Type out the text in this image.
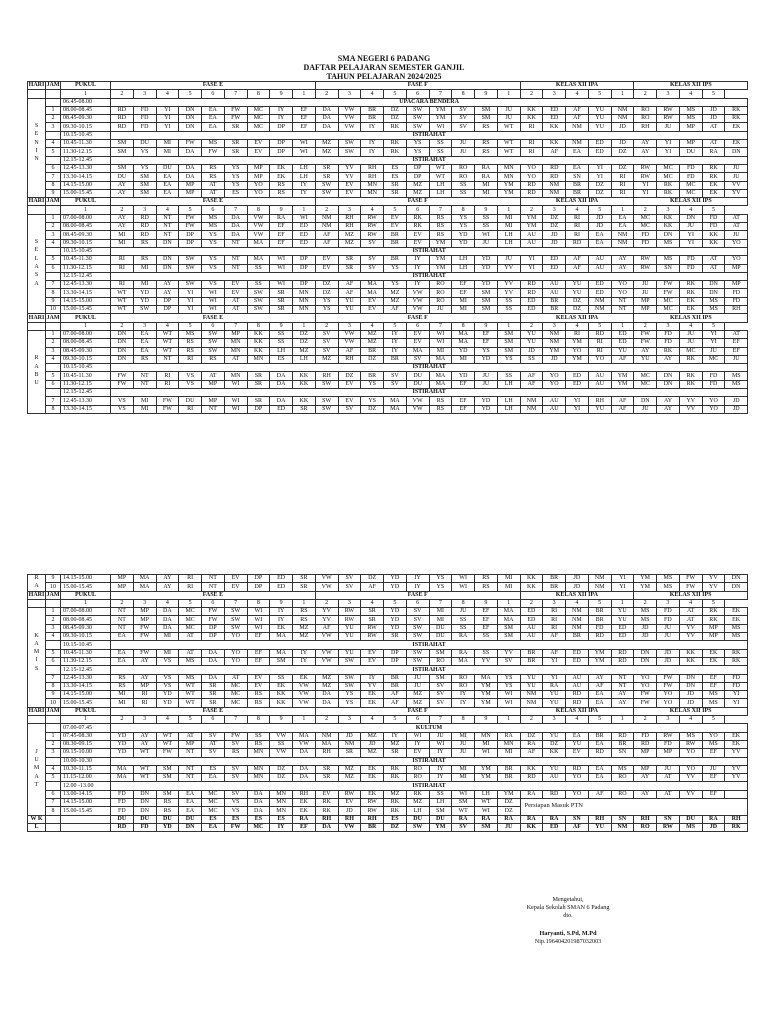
SMA NEGERI 6 PADANG
DAFTAR PELAJARAN SEMESTER GANJIL
TAHUN PELAJARAN 2024/2025
HARI	JAM	PUKUL	FASE E									FASE F									KELAS XII IPA					KELAS XII IPS					
		1	2	3	4	5	6	7	8	9	1	2	3	4	5	6	7	8	9	1	2	3	4	5	1	2	3	4	5		
		06.45-08.00	UPACARA BENDERA																												
	1	08.00-08.45	RD	FD	YI	DN	EA	FW	MC	IY	EF	DA	VW	BR	DZ	SW	YM	SV	SM	JU	KK	ED	AF	YU	NM	RO	RW	MS	JD	RK	
	2	08.45-09.30	RD	FD	YI	DN	EA	FW	MC	IY	EF	DA	VW	BR	DZ	SW	YM	SV	SM	JU	KK	ED	AF	YU	NM	RO	RW	MS	JD	RK	
S	3	09.30-10.15	RD	FD	YI	DN	EA	SR	MC	DP	EF	DA	VW	IY	RK	SW	WI	SV	RS	WT	RI	KK	NM	YU	JD	RH	JU	MP	AT	EK	
E		10.15-10.45	ISTIRAHAT																												
N	4	10.45-11.30	SM	DU	MI	FW	MS	SR	EV	DP	WI	MZ	SW	IY	RK	YS	SS	JU	RS	WT	RI	KK	NM	ED	JD	AY	YI	MP	AT	EK	
I	5	11.30-12.15	SM	VS	MI	DA	FW	SR	EV	DP	WI	MZ	SW	IY	RK	YS	SS	JU	RS	WT	RI	AF	EA	ED	DZ	AY	YI	DU	RA	DN	
N		12.15-12.45	ISTIRAHAT																												
	6	12.45-13.30	SM	VS	DU	DA	RS	YS	MP	EK	LH	SR	YV	RH	ES	DP	WT	RO	RA	MN	YO	RD	EA	YI	DZ	RW	MC	FD	RK	JU	
	7	13.30-14.15	DU	SM	EA	DA	RS	YS	MP	EK	LH	SR	YV	RH	ES	DP	WT	RO	RA	MN	YO	RD	SN	YI	RI	RW	MC	FD	RK	JU	
	8	14.15-15.00	AY	SM	EA	MP	AT	YS	YO	RS	IY	SW	EV	MN	SR	MZ	LH	SS	MI	YM	RD	NM	BR	DZ	RI	YI	RK	MC	EK	VV	
	9	15.00-15.45	AY	SM	EA	MP	AT	ES	YO	RS	IY	SW	EV	MN	SR	MZ	LH	SS	MI	YM	RD	NM	BR	DZ	RI	YI	RK	MC	EK	YV	
HARI	JAM	PUKUL	FASE E									FASE F									KELAS XII IPA					KELAS XII IPS					
		1	2	3	4	5	6	7	8	9	1	2	3	4	5	6	7	8	9	1	2	3	4	5	1	2	3	4	5		
	1	07.00-08.00	AY	RD	NT	FW	MS	DA	VW	RA	WI	NM	RH	RW	EV	RK	RS	YS	SS	MI	YM	DZ	RI	JD	EA	MC	KK	DN	FD	AT	
	2	08.00-08.45	AY	RD	NT	FW	MS	DA	VW	EF	ED	NM	RH	RW	EV	RK	RS	YS	SS	MI	YM	DZ	RI	JD	EA	MC	KK	JU	FD	AT	
	3	08.45-09.30	MI	RD	NT	DP	YS	DA	VW	EF	ED	AF	MZ	RW	BR	EV	RS	YD	WI	LH	AU	JD	RI	EA	NM	FD	DN	YI	KK	JU	
S	4	09.30-10.15	MI	RS	DN	DP	YS	NT	MA	EF	ED	AF	MZ	SV	BR	EV	YM	YD	JU	LH	AU	JD	RD	EA	NM	FD	MS	YI	KK	YO	
E		10.15-10.45	ISTIRAHAT																												
L	5	10.45-11.30	RI	RS	DN	SW	YS	NT	MA	WI	DP	EV	SR	SV	BR	IY	YM	LH	YD	JU	YI	ED	AF	AU	AY	RW	MS	FD	AT	YO	
A	6	11.30-12.15	RI	MI	DN	SW	VS	NT	SS	WI	DP	EV	SR	SV	YS	IY	YM	LH	YD	YV	YI	ED	AF	AU	AY	RW	SN	FD	AT	MP	
S		12.15-12.45	ISTIRAHAT																												
A	7	12.45-13.30	RI	MI	AY	SW	VS	EV	SS	WI	DP	DZ	AF	MA	YS	IY	RO	EF	YD	YV	RD	AU	YU	ED	YO	JU	FW	RK	DN	MP	
	8	13.30-14.15	WT	YD	AY	YI	WI	EV	SW	SR	MN	DZ	AF	MA	MZ	VW	RO	EF	SM	YV	RD	AU	YU	ED	YO	JU	FW	RK	DN	FD	
	9	14.15-15.00	WT	YD	DP	YI	WI	AT	SW	SR	MN	YS	YU	EV	MZ	VW	RO	MI	SM	SS	ED	BR	DZ	NM	NT	MP	MC	EK	MS	FD	
	10	15.00-15.45	WT	SW	DP	YI	WI	AT	SW	SR	MN	YS	YU	EV	AF	VW	JU	MI	SM	SS	ED	BR	DZ	NM	NT	MP	MC	EK	MS	RH	
HARI	JAM	PUKUL	FASE E									FASE F									KELAS XII IPA					KELAS XII IPS					
		1	2	3	4	5	6	7	8	9	1	2	3	4	5	6	7	8	9	1	2	3	4	5	1	2	3	4	5		
	1	07.00-08.00	DN	EA	WT	MS	SW	MP	KK	SS	DZ	SV	VW	MZ	IY	EV	WI	MA	EF	SM	YU	NM	RI	RD	ED	FW	FD	JU	YI	AT	
	2	08.00-08.45	DN	EA	WT	RS	SW	MN	KK	SS	DZ	SV	VW	MZ	IY	EV	WI	MA	EF	SM	YU	NM	YM	RI	ED	FW	FD	JU	YI	EF	
	3	08.45-09.30	DN	EA	WT	RS	SW	MN	KK	LH	MZ	SV	AF	BR	IY	MA	MI	YD	YS	SM	JD	YM	YO	RI	YU	AY	RK	MC	JU	EF	
R	4	09.30-10.15	DN	RS	NT	RI	RS	AT	MN	ES	LH	MZ	RH	DZ	BR	SV	MA	MI	YD	YS	SS	JD	YM	YO	AF	YU	AY	RK	MC	JU	
A		10.15-10.45	ISTIRAHAT																												
B	5	10.45-11.30	FW	NT	RI	VS	AT	MN	SR	DA	KK	RH	DZ	BR	SV	DU	MA	YD	JU	SS	AF	YO	ED	AU	YM	MC	DN	RK	FD	MS	
U	6	11.30-12.15	FW	NT	RI	VS	MP	WI	SR	DA	KK	SW	EV	YS	SV	DU	MA	EF	JU	LH	AF	YO	ED	AU	YM	MC	DN	RK	FD	MS	
		12.15-12.45	ISTIRAHAT																												
	7	12.45-13.30	VS	MI	FW	DU	MP	WI	SR	DA	KK	SW	EV	YS	MA	VW	RS	EF	YD	LH	NM	AU	YI	RH	AF	DN	AY	YV	YO	JD	
	8	13.30-14.15	VS	MI	FW	RI	NT	WI	DP	ED	SR	SW	SV	DZ	MA	VW	RS	EF	YD	LH	NM	AU	YI	YU	AF	JU	AY	VV	YO	JD	
R	9	14.15-15.00	MP	MA	AY	RI	NT	EV	DP	ED	SR	VW	SV	DZ	YD	IY	YS	WI	RS	MI	KK	BR	JD	NM	YI	YM	MS	FW	YV	DN
A	10	15.00-15.45	MP	MA	AY	RI	NT	EV	DP	ED	SR	VW	SV	AF	YD	IY	YS	WI	RS	MI	KK	BR	JD	NM	YI	YM	MS	FW	YV	DN
HARI	JAM	PUKUL	FASE E									FASE F									KELAS XII IPA					KELAS XII IPS				
		1	2	3	4	5	6	7	8	9	1	2	3	4	5	6	7	8	9	1	2	3	4	5	1	2	3	4	5	
	1	07.00-08.00	NT	MP	DA	MC	FW	SW	WI	IY	RS	YV	RW	SR	YD	SV	MI	JU	EF	MA	ED	RI	NM	BR	YU	MS	FD	AT	RK	EK
	2	08.00-08.45	NT	MP	DA	MC	FW	SW	WI	IY	RS	YV	RW	SR	YD	SV	MI	SS	EF	MA	ED	RI	NM	BR	YU	MS	FD	AT	RK	EK
	3	08.45-09.30	NT	FW	DA	MC	DP	SW	WI	EK	MZ	AF	YU	RW	YD	SW	DU	SS	EF	SM	AU	RI	NM	FD	ED	JD	JU	YV	MP	MS
K	4	09.30-10.15	EA	FW	MI	AT	DP	YO	EF	MA	MZ	VW	YU	RW	SR	SW	DU	RA	SS	SM	AU	AF	BR	RD	ED	JD	JU	YV	MP	MS
A		10.15-10.45	ISTIRAHAT																											
M	5	10.45-11.30	EA	FW	MI	AT	DA	YO	EF	MA	IY	VW	YU	EV	DP	SW	SM	RA	SS	YV	BR	AF	ED	YM	RD	DN	JD	KK	EK	RK
I	6	11.30-12.15	EA	AY	VS	MS	DA	YO	EF	SM	IY	VW	SW	EV	DP	SW	RO	MA	YV	SV	BR	YI	ED	YM	RD	DN	JD	KK	EK	RK
S		12.15-12.45	ISTIRAHAT																											
	7	12.45-13.30	RS	AY	VS	MS	DA	AT	EV	SS	EK	MZ	SW	IY	BR	JU	SM	RO	MA	YS	YU	YI	AU	AY	NT	YO	FW	DN	EF	FD
	8	13.30-14.15	RS	MP	VS	WT	SR	MC	EV	EK	VW	MZ	SW	YV	BR	JU	SV	RO	YM	YS	YU	RA	AU	AF	NT	YO	FW	DN	EF	FD
	9	14.15-15.00	MI	RI	YD	WT	SR	MC	RS	KK	VW	DA	YS	EK	AF	MZ	SV	IY	YM	WI	NM	YU	RD	EA	AY	FW	YO	JD	MS	YI
	10	15.00-15.45	MI	RI	YD	WT	SR	MC	RS	KK	VW	DA	YS	EK	AF	MZ	SV	IY	YM	WI	NM	YU	RD	EA	AY	FW	YO	JD	MS	YI
HARI	JAM	PUKUL	FASE E									FASE F									KELAS XII IPA					KELAS XII IPS				
		1	2	3	4	5	6	7	8	9	1	2	3	4	5	6	7	8	9	1	2	3	4	5	1	2	3	4	5	
		07.00-07.45	KULTUM																											
	1	07.45-08.30	YD	AY	WT	AT	SV	FW	SS	VW	MA	NM	JD	MZ	IY	WI	JU	MI	MN	RA	DZ	YU	EA	BR	RD	FD	RW	MS	YO	EK
	2	08.30-09.15	YD	AY	WT	MP	AT	SV	RS	SS	VW	MA	NM	JD	MZ	IY	WI	JU	MI	MN	RA	DZ	YU	EA	BR	RD	FD	RW	MS	EK
J	3	09.15-10.00	YD	WT	FW	NT	SV	RS	MN	VW	DA	RH	SR	MZ	SR	EV	IY	JU	WI	MI	AF	KK	EV	RD	SN	MP	MP	YO	EF	YV
U		10.00-10.30	ISTIRAHAT																											
M	4	10.30-11.15	MA	WT	SM	NT	ES	SV	MN	DZ	DA	SR	MZ	EK	RK	RO	IY	MI	YM	BR	KK	YU	RD	EA	MS	MP	JU	YO	JU	YV
A	5	11.15-12.00	MA	WT	SM	NT	EA	SV	MN	DZ	DA	SR	MZ	EK	RK	RO	IY	MI	YM	BR	RD	AU	YO	EA	RO	AY	AT	YV	EF	YV
T		12.00 -13.00	ISTIRAHAT																											
	6	13.00-14.15	FD	DN	SM	EA	MC	SV	DA	MN	RH	EV	RW	EK	MZ	RK	SS	WI	LH	YM	RA	RD	YO	AF	RO	AY	AT	YV	EF	
	7	14.15-15.00	FD	DN	RS	EA	MC	VS	DA	MN	EK	RK	EV	RW	RK	MZ	LH	SM	WT	DZ	Persiapan Masuk PTN									
	8	15.00-15.45	FD	DN	RS	EA	MC	VS	DA	MN	EK	RK	JD	RW	RK	LH	SM	WT	WI	DZ										
W K			DU	DU	DU	DU	ES	ES	ES	ES	RA	RH	RH	RH	ES	DU	DU	RA	RA	RA	RA	RA	SN	RH	SN	RH	SN	DU	RA	RH
L			RD	FD	YD	DN	EA	FW	MC	IY	EF	DA	VW	BR	DZ	SW	YM	SV	SM	JU	KK	ED	AF	YU	NM	RO	RW	MS	JD	RK
Mengetahui,
Kepala Sekolah SMAN 6 Padang
dto.
Haryanti, S.Pd, M.Pd
Nip.196404201987032003
